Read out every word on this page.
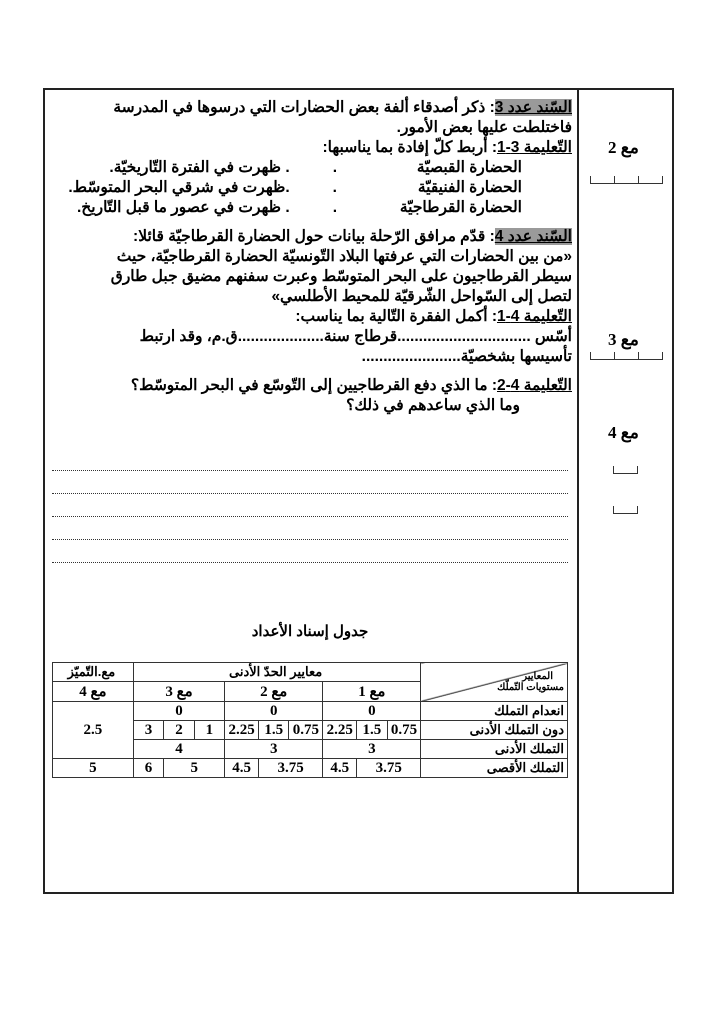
السّند عدد 3: ذكر أصدقاء ألفة بعض الحضارات التي درسوها في المدرسة فاختلطت عليها بعض الأمور.
التّعليمة 3-1: أربط كلّ إفادة بما يناسبها:
الحضارة القبصيّة
.          .
ظهرت في الفترة التّاريخيّة.
الحضارة الفنيقيّة
.          .
ظهرت في شرقي البحر المتوسّط.
الحضارة القرطاجيّة
.          .
ظهرت في عصور ما قبل التّاريخ.
السّند عدد 4: قدّم مرافق الرّحلة بيانات حول الحضارة القرطاجيّة قائلا:
«من بين الحضارات التي عرفتها البلاد التّونسيّة الحضارة القرطاجيّة، حيث سيطر القرطاجيون على البحر المتوسّط وعبرت سفنهم مضيق جبل طارق لتصل إلى السّواحل الشّرقيّة للمحيط الأطلسي»
التّعليمة 4-1: أكمل الفقرة التّالية بما يناسب:
أسّس ...............................قرطاج سنة....................ق.م، وقد ارتبط تأسيسها بشخصيّة.......................
التّعليمة 4-2: ما الذي دفع القرطاجيين إلى التّوسّع في البحر المتوسّط؟
وما الذي ساعدهم في ذلك؟
مع 2
مع 3
مع 4
جدول إسناد الأعداد
المعايير
مستويات التّملّك	معايير الحدّ الأدنى									مع.التّميّز
	مع 1			مع 2			مع 3			مع 4
انعدام التملك	0			0			0			2.5
دون التملك الأدنى	0.75	1.5	2.25	0.75	1.5	2.25	1	2	3	
التملك الأدنى	3			3			4			
التملك الأقصى	3.75		4.5	3.75		4.5	5		6	5
